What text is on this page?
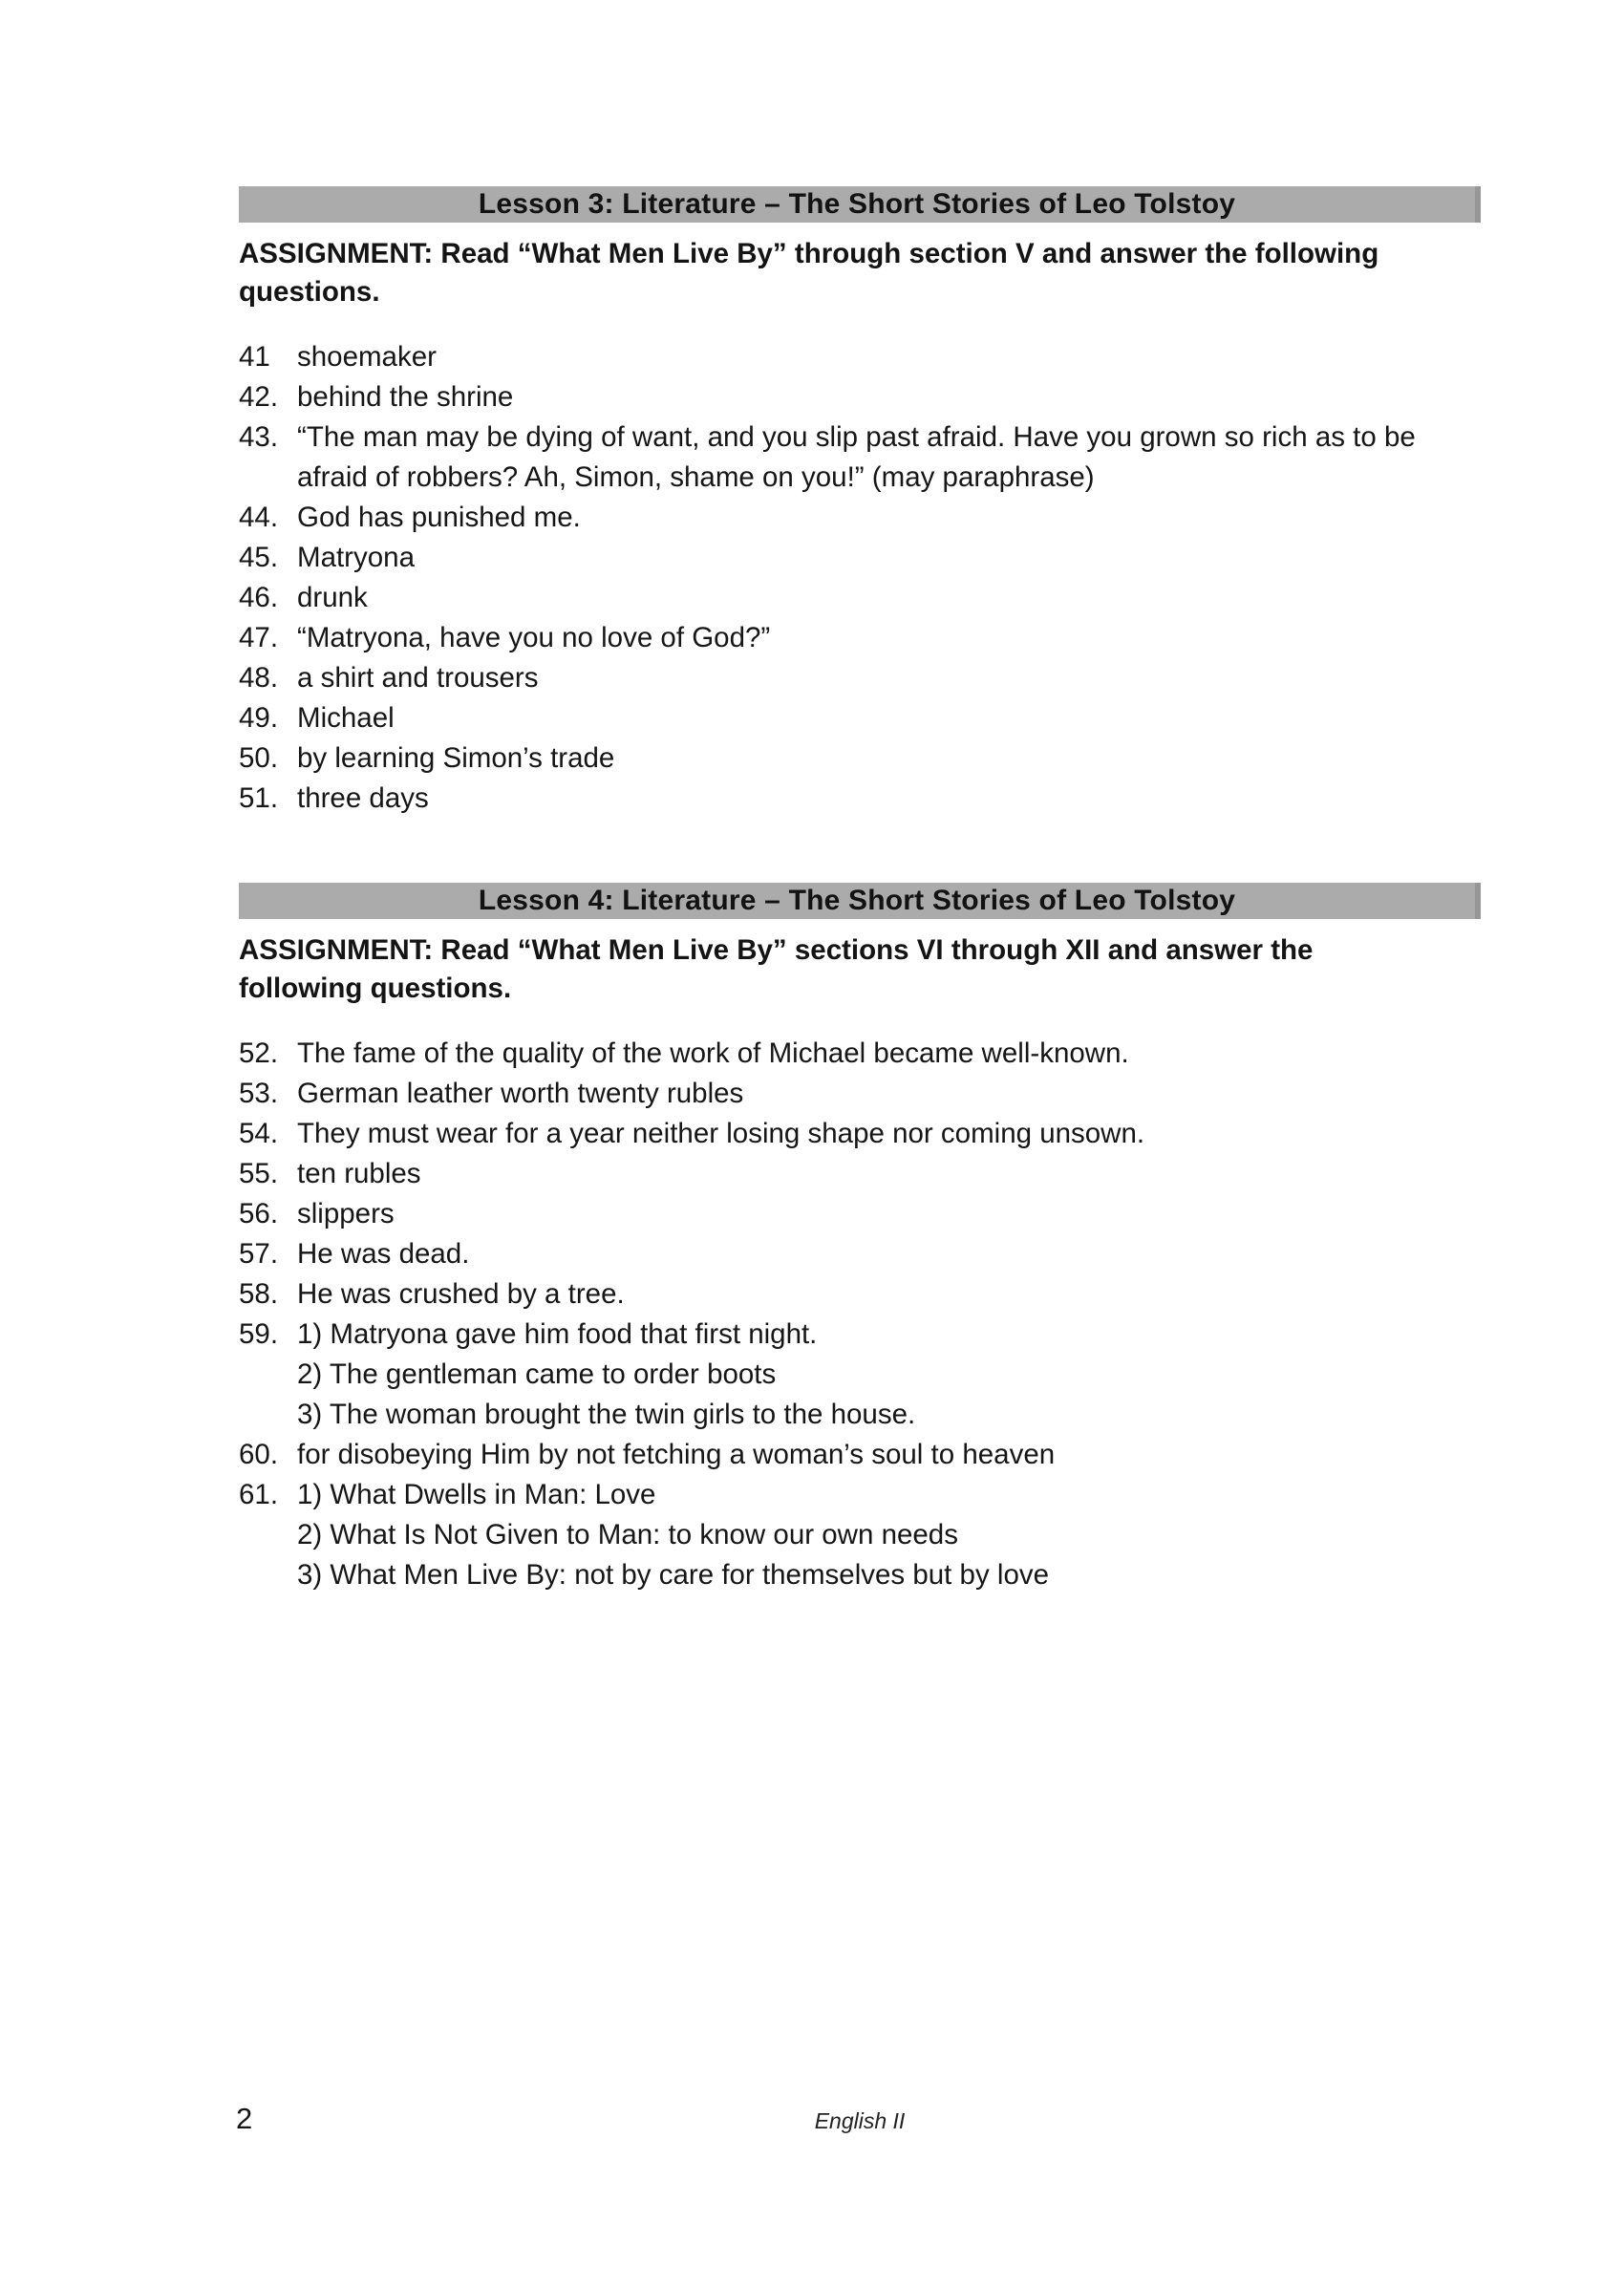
Lesson 3: Literature – The Short Stories of Leo Tolstoy
ASSIGNMENT: Read “What Men Live By” through section V and answer the following
questions.
41 shoemaker
42. behind the shrine
43. “The man may be dying of want, and you slip past afraid. Have you grown so rich as to be
afraid of robbers? Ah, Simon, shame on you!” (may paraphrase)
44. God has punished me.
45. Matryona
46. drunk
47. “Matryona, have you no love of God?”
48. a shirt and trousers
49. Michael
50. by learning Simon’s trade
51. three days
Lesson 4: Literature – The Short Stories of Leo Tolstoy
ASSIGNMENT: Read “What Men Live By” sections VI through XII and answer the
following questions.
52. The fame of the quality of the work of Michael became well-known.
53. German leather worth twenty rubles
54. They must wear for a year neither losing shape nor coming unsown.
55. ten rubles
56. slippers
57. He was dead.
58. He was crushed by a tree.
59. 1) Matryona gave him food that first night.
2) The gentleman came to order boots
3) The woman brought the twin girls to the house.
60. for disobeying Him by not fetching a woman’s soul to heaven
61. 1) What Dwells in Man: Love
2) What Is Not Given to Man: to know our own needs
3) What Men Live By: not by care for themselves but by love
2	English II
